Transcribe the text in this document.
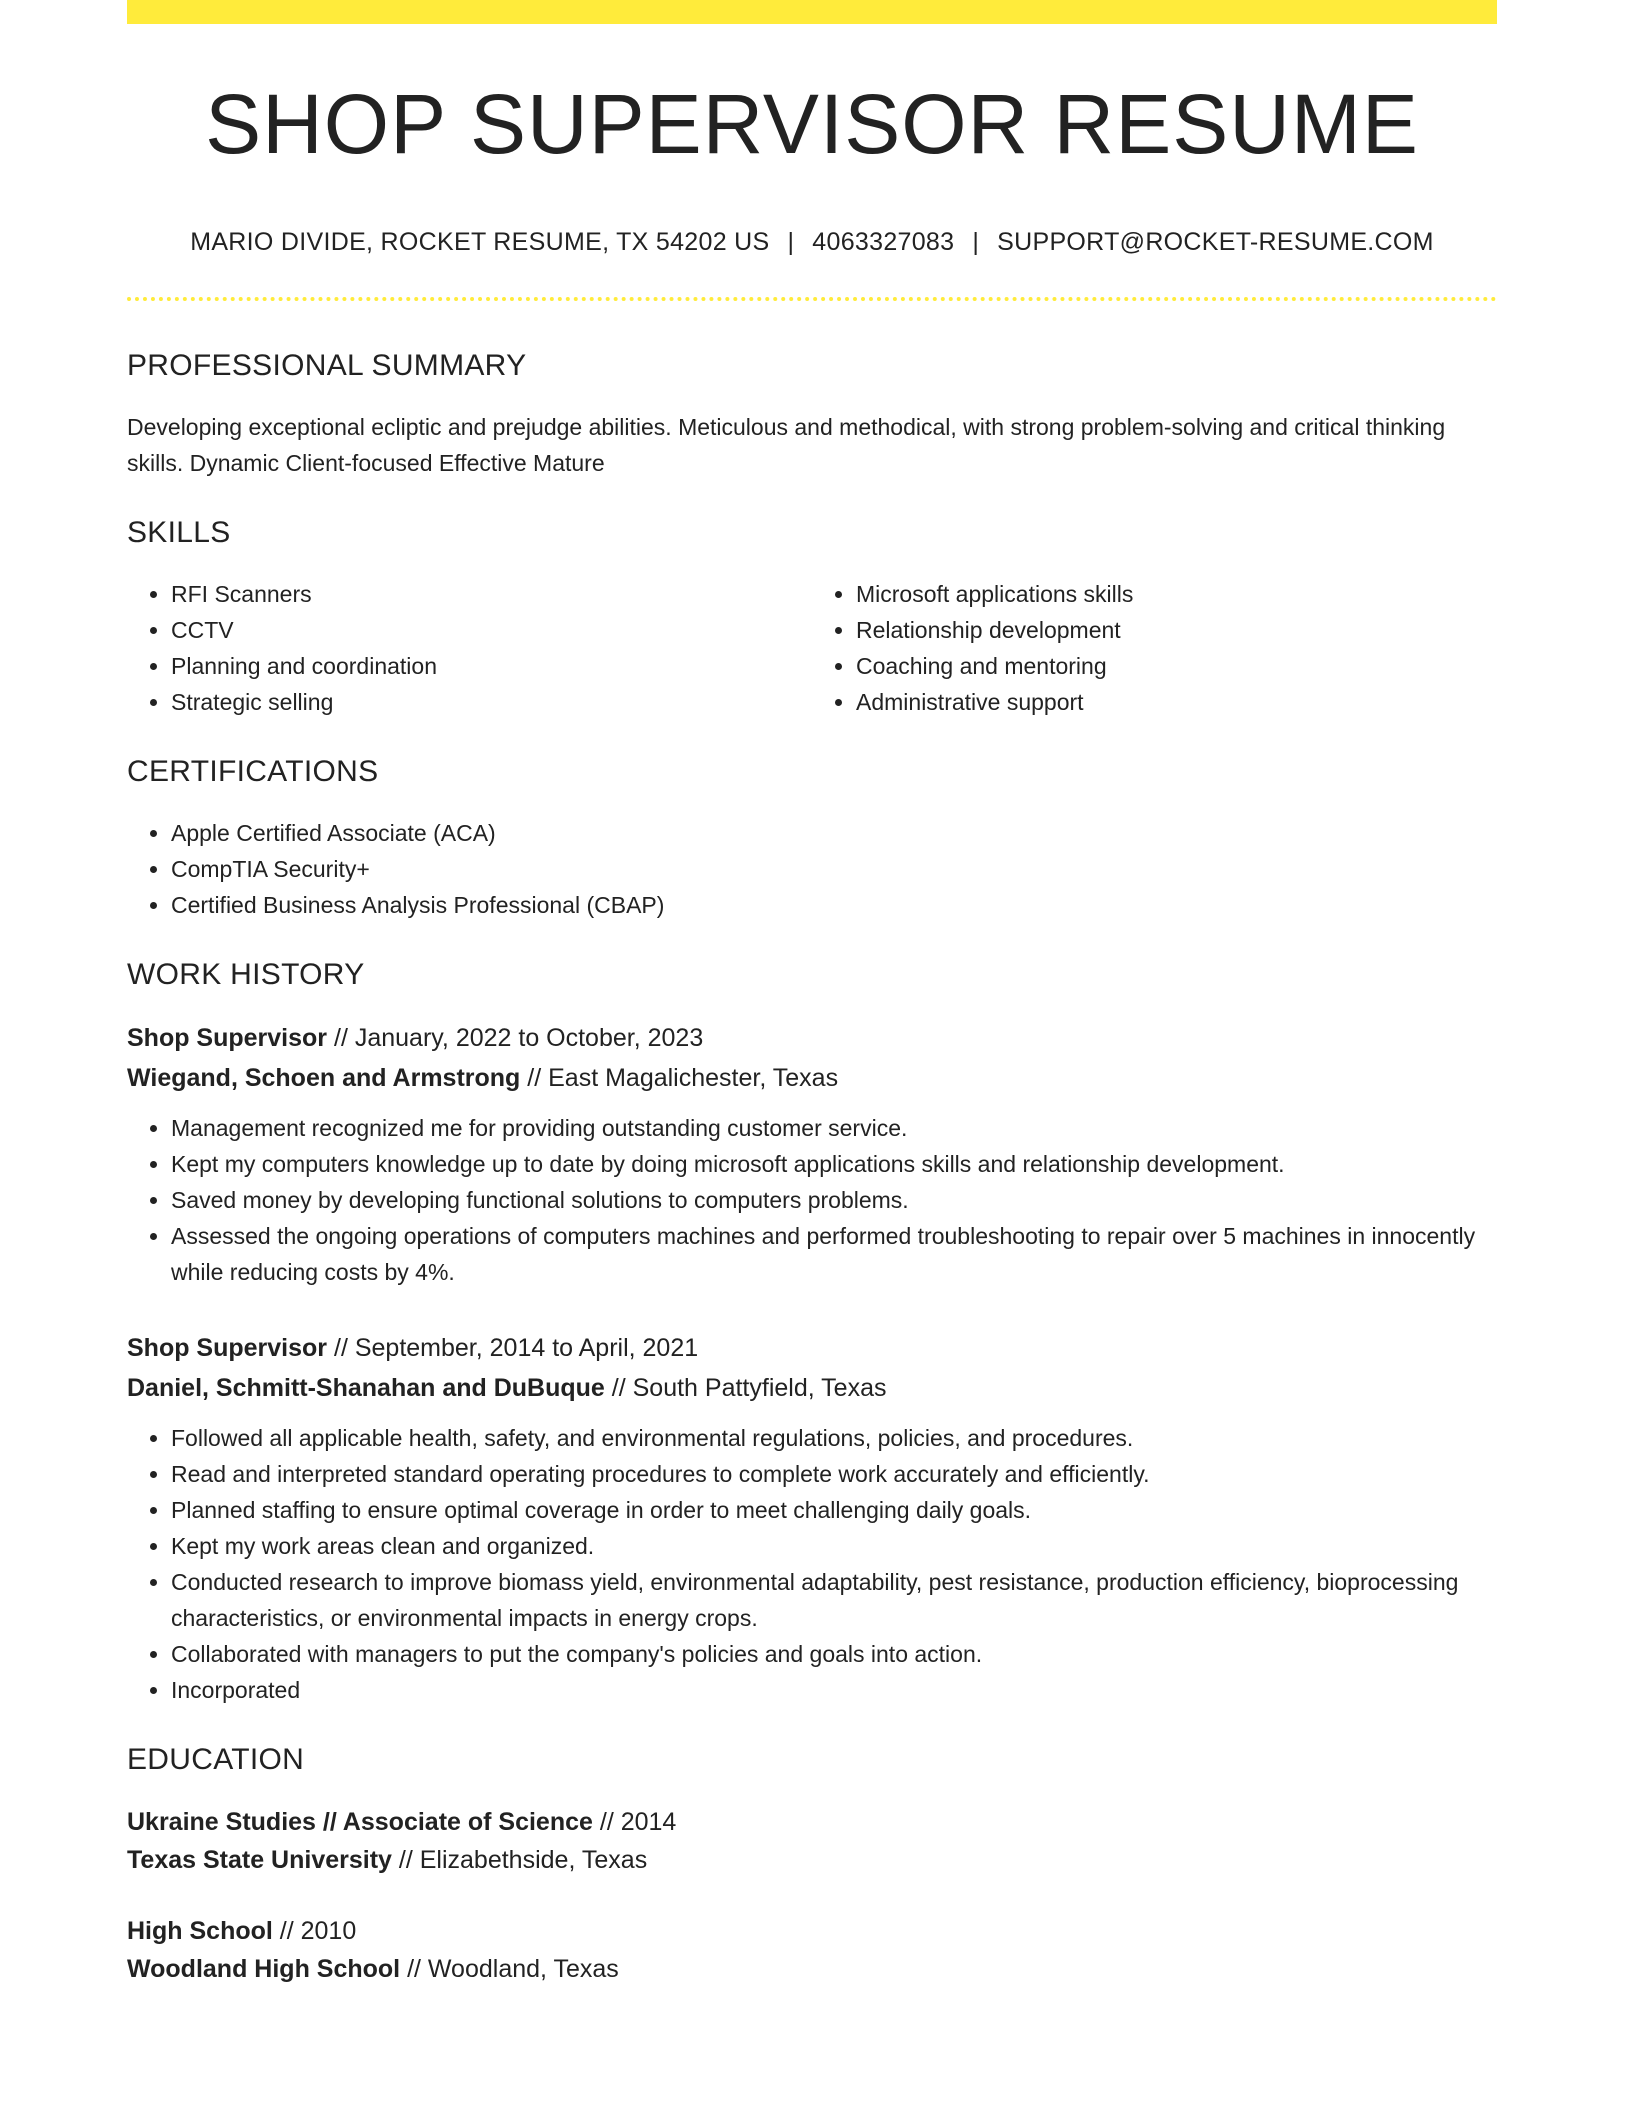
SHOP SUPERVISOR RESUME
MARIO DIVIDE, ROCKET RESUME, TX 54202 US | 4063327083 | SUPPORT@ROCKET-RESUME.COM
PROFESSIONAL SUMMARY

Developing exceptional ecliptic and prejudge abilities. Meticulous and methodical, with strong problem-solving and critical thinking skills. Dynamic Client-focused Effective Mature

SKILLS
• RFI Scanners
• CCTV
• Planning and coordination
• Strategic selling
• Microsoft applications skills
• Relationship development
• Coaching and mentoring
• Administrative support
CERTIFICATIONS
• Apple Certified Associate (ACA)
• CompTIA Security+
• Certified Business Analysis Professional (CBAP)
WORK HISTORY
Shop Supervisor // January, 2022 to October, 2023
Wiegand, Schoen and Armstrong // East Magalichester, Texas
• Management recognized me for providing outstanding customer service.
• Kept my computers knowledge up to date by doing microsoft applications skills and relationship development.
• Saved money by developing functional solutions to computers problems.
• Assessed the ongoing operations of computers machines and performed troubleshooting to repair over 5 machines in innocently while reducing costs by 4%.
Shop Supervisor // September, 2014 to April, 2021
Daniel, Schmitt-Shanahan and DuBuque // South Pattyfield, Texas
• Followed all applicable health, safety, and environmental regulations, policies, and procedures.
• Read and interpreted standard operating procedures to complete work accurately and efficiently.
• Planned staffing to ensure optimal coverage in order to meet challenging daily goals.
• Kept my work areas clean and organized.
• Conducted research to improve biomass yield, environmental adaptability, pest resistance, production efficiency, bioprocessing characteristics, or environmental impacts in energy crops.
• Collaborated with managers to put the company's policies and goals into action.
• Incorporated
EDUCATION
Ukraine Studies // Associate of Science // 2014
Texas State University // Elizabethside, Texas
High School // 2010
Woodland High School // Woodland, Texas
